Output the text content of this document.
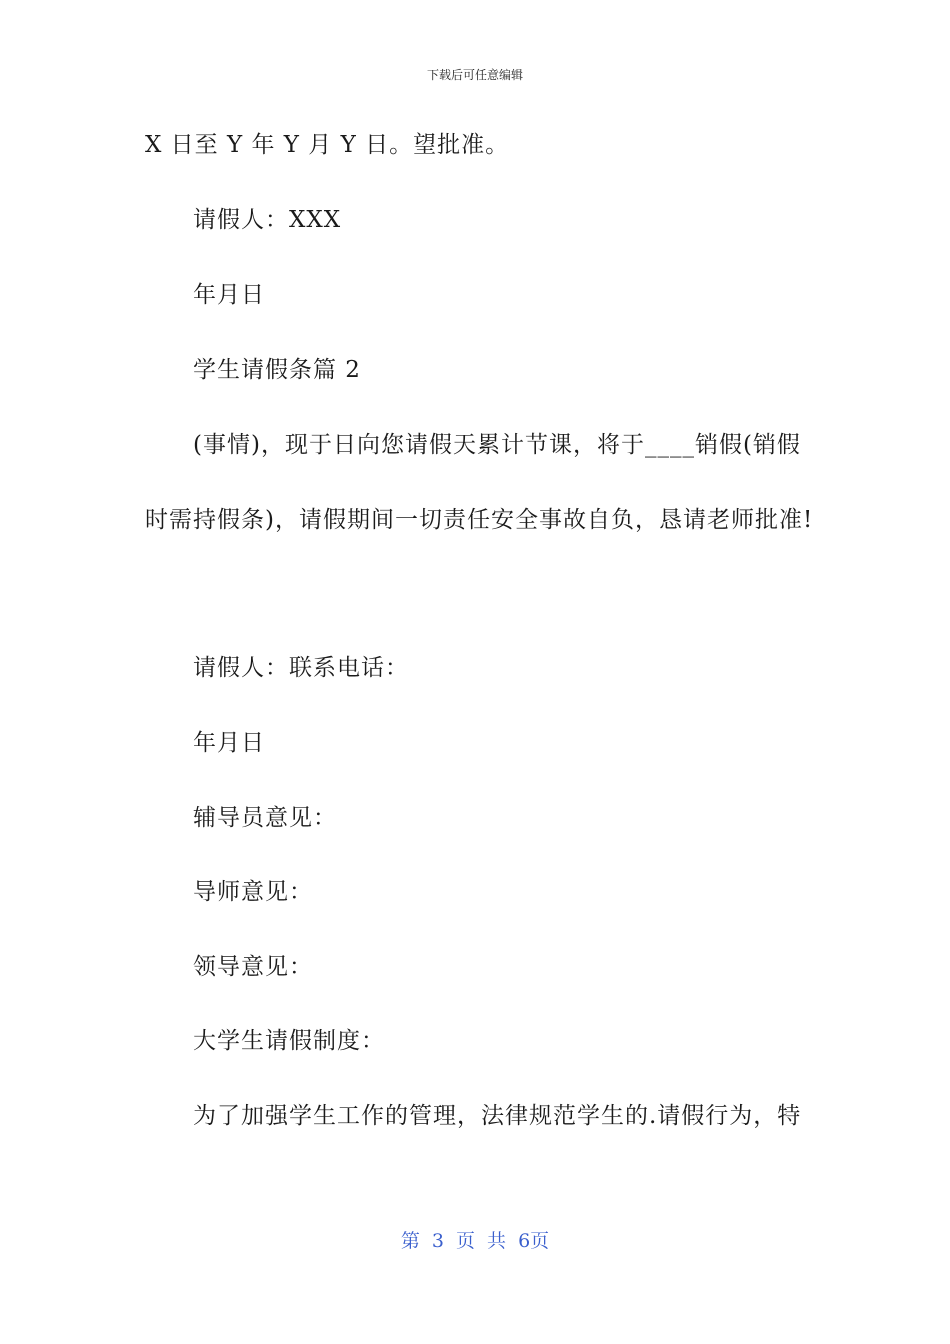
下载后可任意编辑
X 日至 Y 年 Y 月 Y 日。望批准。
请假人：XXX
年月日
学生请假条篇 2
(事情)，现于日向您请假天累计节课，将于____销假(销假
时需持假条)，请假期间一切责任安全事故自负，恳请老师批准!
请假人：联系电话：
年月日
辅导员意见：
导师意见：
领导意见：
大学生请假制度：
为了加强学生工作的管理，法律规范学生的.请假行为，特
第 3 页 共 6页
